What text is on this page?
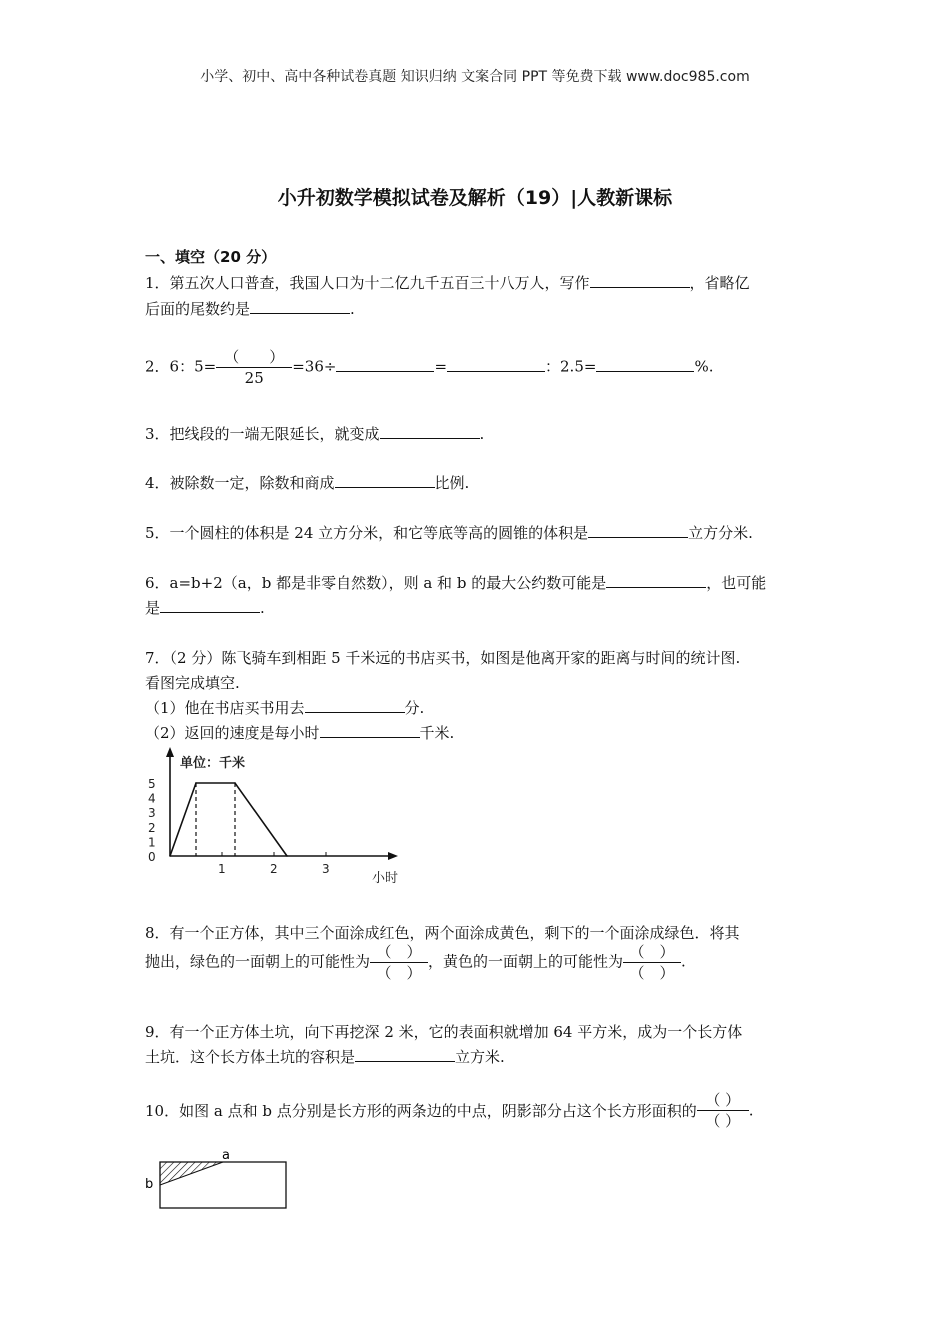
小学、初中、高中各种试卷真题 知识归纳 文案合同 PPT 等免费下载 www.doc985.com
小升初数学模拟试卷及解析（19）|人教新课标
一、填空（20 分）
1．第五次人口普查，我国人口为十二亿九千五百三十八万人，写作	，省略亿
后面的尾数约是	.
2．6：$5= \frac{( )}{25} =36\div$	=	：2.5=	%.
3．把线段的一端无限延长，就变成	.
4．被除数一定，除数和商成	比例.
5．一个圆柱的体积是 24 立方分米，和它等底等高的圆锥的体积是	立方分米.
6．a=b+2（a，b 都是非零自然数），则 a 和 b 的最大公约数可能是	，也可能
是	.
7．（2 分）陈飞骑车到相距 5 千米远的书店买书，如图是他离开家的距离与时间的统计图.
看图完成填空.
（1）他在书店买书用去	分.
（2）返回的速度是每小时	千米.
单位：千米
小时
0
1
2
3
4
5
1	2	3
8．有一个正方体，其中三个面涂成红色，两个面涂成黄色，剩下的一个面涂成绿色．将其
抛出，绿色的一面朝上的可能性为 $\frac{( )}{( )}$ ，黄色的一面朝上的可能性为 $\frac{( )}{( )}$ .
9．有一个正方体土坑，向下再挖深 2 米，它的表面积就增加 64 平方米，成为一个长方体
土坑．这个长方体土坑的容积是	立方米.
10．如图 a 点和 b 点分别是长方形的两条边的中点，阴影部分占这个长方形面积的 $\frac{( )}{( )}$ .
a
b
